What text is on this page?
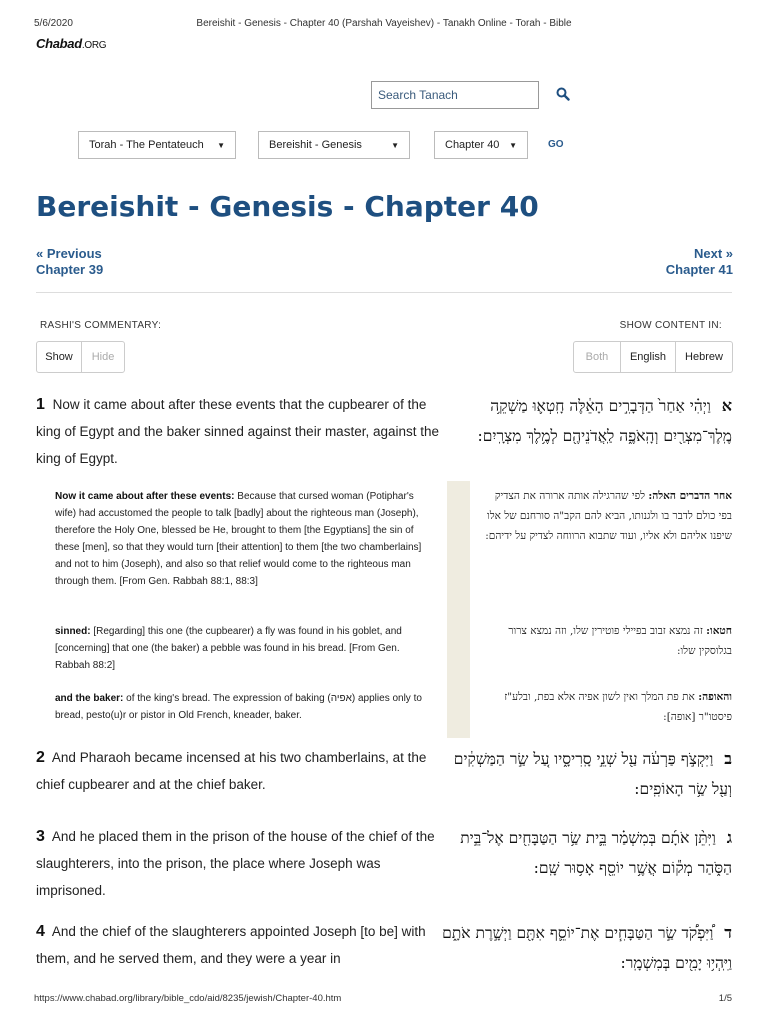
5/6/2020	Bereishit - Genesis - Chapter 40 (Parshah Vayeishev) - Tanakh Online - Torah - Bible
Chabad.ORG
Search Tanach
Torah - The Pentateuch ▼	Bereishit - Genesis	▼	Chapter 40 ▼	GO
Bereishit - Genesis - Chapter 40
« Previous
Chapter 39
Next »
Chapter 41
RASHI'S COMMENTARY:
Show	Hide
SHOW CONTENT IN:
Both	English	Hebrew
1 Now it came about after these events that the cupbearer of the king of Egypt and the baker sinned against their master, against the king of Egypt.
א וַיְהִ֗י אַחַר֙ הַדְּבָרִ֣ים הָאֵ֔לֶּה חָֽטְא֛וּ מַשְׁקֵ֥ה מֶֽלֶךְ־מִצְרַ֖יִם וְהָֽאֹפֶ֑ה לַֽאֲדֹנֵיהֶ֖ם לְמֶ֥לֶךְ מִצְרָֽיִם:
Now it came about after these events: Because that cursed woman (Potiphar's wife) had accustomed the people to talk [badly] about the righteous man (Joseph), therefore the Holy One, blessed be He, brought to them [the Egyptians] the sin of these [men], so that they would turn [their attention] to them [the two chamberlains] and not to him (Joseph), and also so that relief would come to the righteous man through them. [From Gen. Rabbah 88:1, 88:3]
sinned: [Regarding] this one (the cupbearer) a fly was found in his goblet, and [concerning] that one (the baker) a pebble was found in his bread. [From Gen. Rabbah 88:2]
and the baker: of the king's bread. The expression of baking (אפיה) applies only to bread, pesto(u)r or pistor in Old French, kneader, baker.
אחר הדברים האלה: לפי שהרגילה אותה ארורה את הצדיק בפי כולם לדבר בו ולגנותו, הביא להם הקב"ה סורחנם של אלו שיפנו אליהם ולא אליו, ועוד שתבוא הרווחה לצדיק על ידיהם:
חטאו: זה נמצא זבוב בפיילי פוטירין שלו, וזה נמצא צרור בגלוסקין שלו:
והאופה: את פת המלך ואין לשון אפיה אלא בפת, ובלע"ז פיסטו"ר [אופה]:
2 And Pharaoh became incensed at his two chamberlains, at the chief cupbearer and at the chief baker.
ב וַיִּקְצֹ֣ף פַּרְעֹ֔ה עַ֖ל שְׁנֵ֣י סָֽרִיסָ֑יו עַ֚ל שַׂ֣ר הַמַּשְׁקִ֔ים וְעַ֖ל שַׂ֥ר הָאוֹפִֽים:
3 And he placed them in the prison of the house of the chief of the slaughterers, into the prison, the place where Joseph was imprisoned.
ג וַיִּתֵּ֨ן אֹתָ֜ם בְּמִשְׁמַ֗ר בֵּ֛ית שַׂ֥ר הַטַּבָּחִ֖ים אֶל־בֵּ֣ית הַסֹּ֑הַר מְק֕וֹם אֲשֶׁ֥ר יוֹסֵ֖ף אָס֥וּר שָֽׁם:
4 And the chief of the slaughterers appointed Joseph [to be] with them, and he served them, and they were a year in
ד וַ֠יִּפְקֹ֠ד שַׂ֣ר הַטַּבָּחִ֧ים אֶת־יוֹסֵ֛ף אִתָּ֖ם וַיְשָׁ֣רֶת אֹתָ֑ם וַיִּֽהְי֥וּ יָמִ֖ים בְּמִשְׁמָֽר:
https://www.chabad.org/library/bible_cdo/aid/8235/jewish/Chapter-40.htm	1/5
